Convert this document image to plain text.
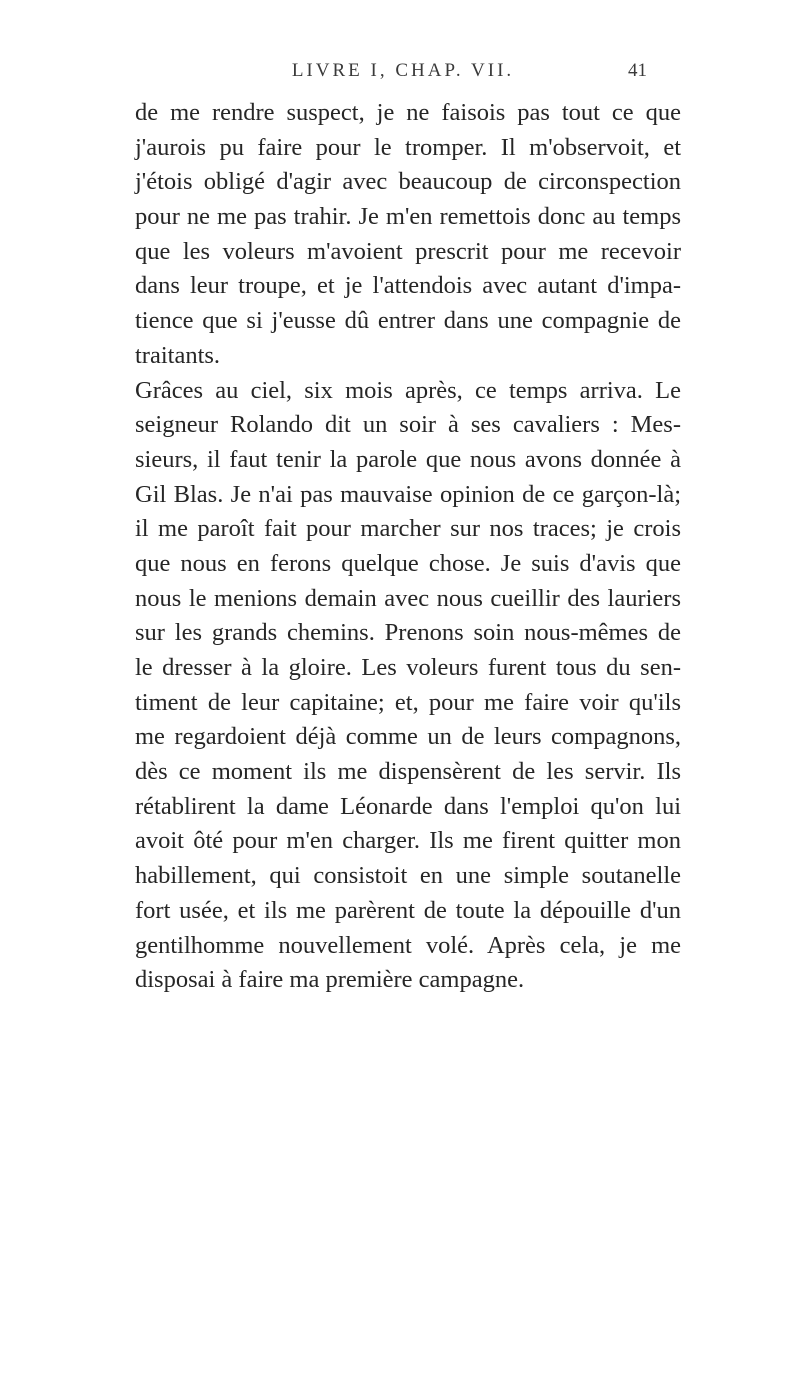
LIVRE I, CHAP. VII.	41
de me rendre suspect, je ne faisois pas tout ce que
j'aurois pu faire pour le tromper. Il m'observoit, et
j'étois obligé d'agir avec beaucoup de circonspection
pour ne me pas trahir. Je m'en remettois donc au temps
que les voleurs m'avoient prescrit pour me recevoir
dans leur troupe, et je l'attendois avec autant d'impa-
tience que si j'eusse dû entrer dans une compagnie de
traitants.
Grâces au ciel, six mois après, ce temps arriva. Le
seigneur Rolando dit un soir à ses cavaliers : Mes-
sieurs, il faut tenir la parole que nous avons donnée à
Gil Blas. Je n'ai pas mauvaise opinion de ce garçon-là;
il me paroît fait pour marcher sur nos traces; je crois
que nous en ferons quelque chose. Je suis d'avis que
nous le menions demain avec nous cueillir des lauriers
sur les grands chemins. Prenons soin nous-mêmes de
le dresser à la gloire. Les voleurs furent tous du sen-
timent de leur capitaine; et, pour me faire voir qu'ils
me regardoient déjà comme un de leurs compagnons,
dès ce moment ils me dispensèrent de les servir. Ils
rétablirent la dame Léonarde dans l'emploi qu'on lui
avoit ôté pour m'en charger. Ils me firent quitter mon
habillement, qui consistoit en une simple soutanelle
fort usée, et ils me parèrent de toute la dépouille d'un
gentilhomme nouvellement volé. Après cela, je me
disposai à faire ma première campagne.
